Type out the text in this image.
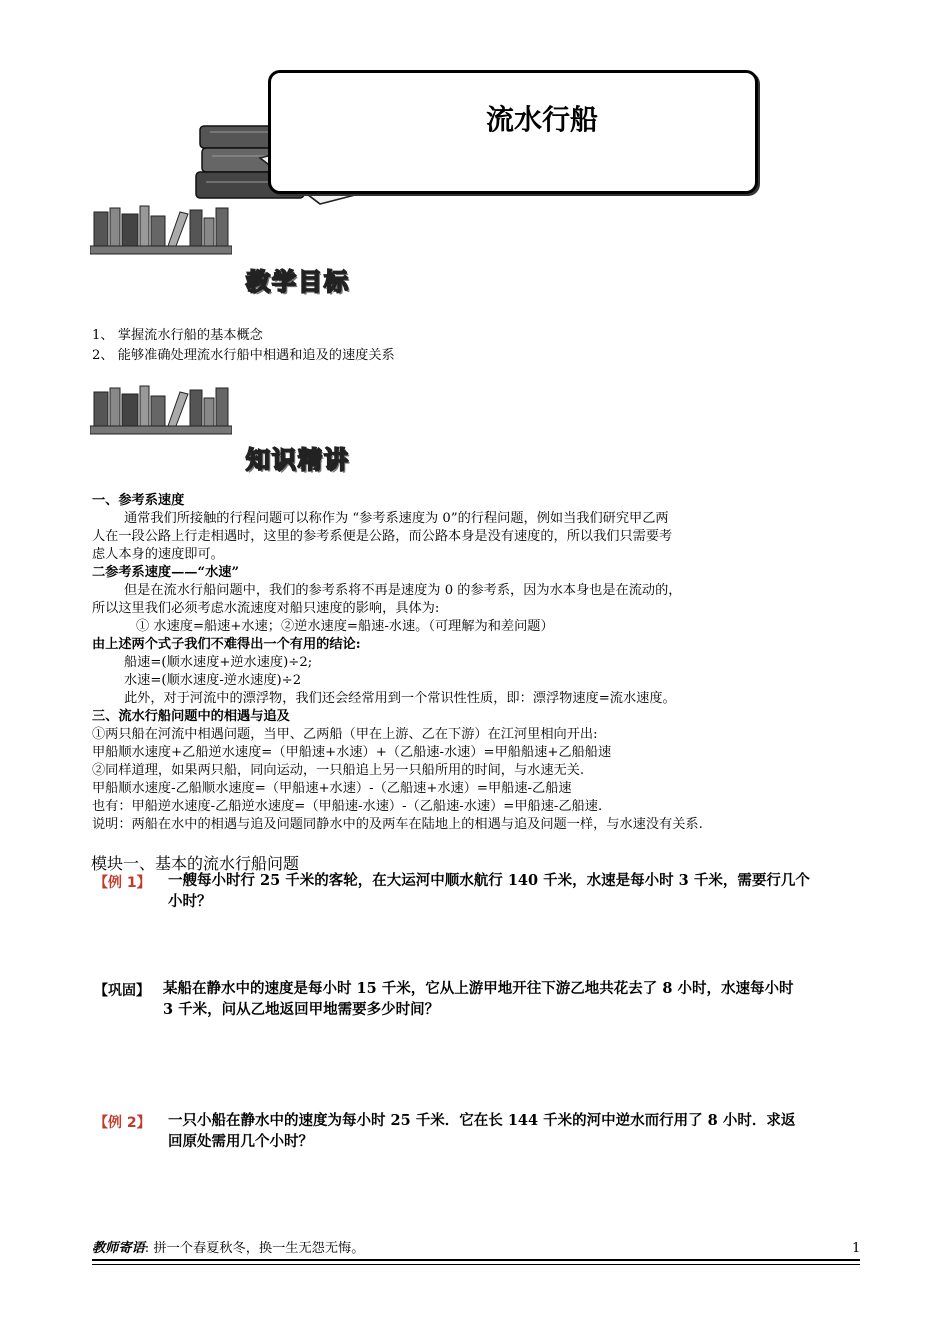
流水行船
教学目标
1、 掌握流水行船的基本概念
2、 能够准确处理流水行船中相遇和追及的速度关系
知识精讲
一、参考系速度
通常我们所接触的行程问题可以称作为 “参考系速度为 0”的行程问题，例如当我们研究甲乙两
人在一段公路上行走相遇时，这里的参考系便是公路，而公路本身是没有速度的，所以我们只需要考
虑人本身的速度即可。
二参考系速度——“水速”
但是在流水行船问题中，我们的参考系将不再是速度为 0 的参考系，因为水本身也是在流动的，
所以这里我们必须考虑水流速度对船只速度的影响，具体为:
① 水速度=船速+水速；②逆水速度=船速-水速。（可理解为和差问题）
由上述两个式子我们不难得出一个有用的结论:
船速=(顺水速度+逆水速度)÷2;
水速=(顺水速度-逆水速度)÷2
此外，对于河流中的漂浮物，我们还会经常用到一个常识性性质，即：漂浮物速度=流水速度。
三、流水行船问题中的相遇与追及
①两只船在河流中相遇问题，当甲、乙两船（甲在上游、乙在下游）在江河里相向开出:
甲船顺水速度+乙船逆水速度=（甲船速+水速）+（乙船速-水速）=甲船船速+乙船船速
②同样道理，如果两只船，同向运动，一只船追上另一只船所用的时间，与水速无关.
甲船顺水速度-乙船顺水速度=（甲船速+水速）-（乙船速+水速）=甲船速-乙船速
也有：甲船逆水速度-乙船逆水速度=（甲船速-水速）-（乙船速-水速）=甲船速-乙船速.
说明：两船在水中的相遇与追及问题同静水中的及两车在陆地上的相遇与追及问题一样，与水速没有关系.
模块一、基本的流水行船问题
【例 1】 一艘每小时行 25 千米的客轮，在大运河中顺水航行 140 千米，水速是每小时 3 千米，需要行几个
小时？
【巩固】 某船在静水中的速度是每小时 15 千米，它从上游甲地开往下游乙地共花去了 8 小时，水速每小时
3 千米，问从乙地返回甲地需要多少时间？
【例 2】 一只小船在静水中的速度为每小时 25 千米．它在长 144 千米的河中逆水而行用了 8 小时．求返
回原处需用几个小时？
教师寄语: 拼一个春夏秋冬，换一生无怨无悔。	1
